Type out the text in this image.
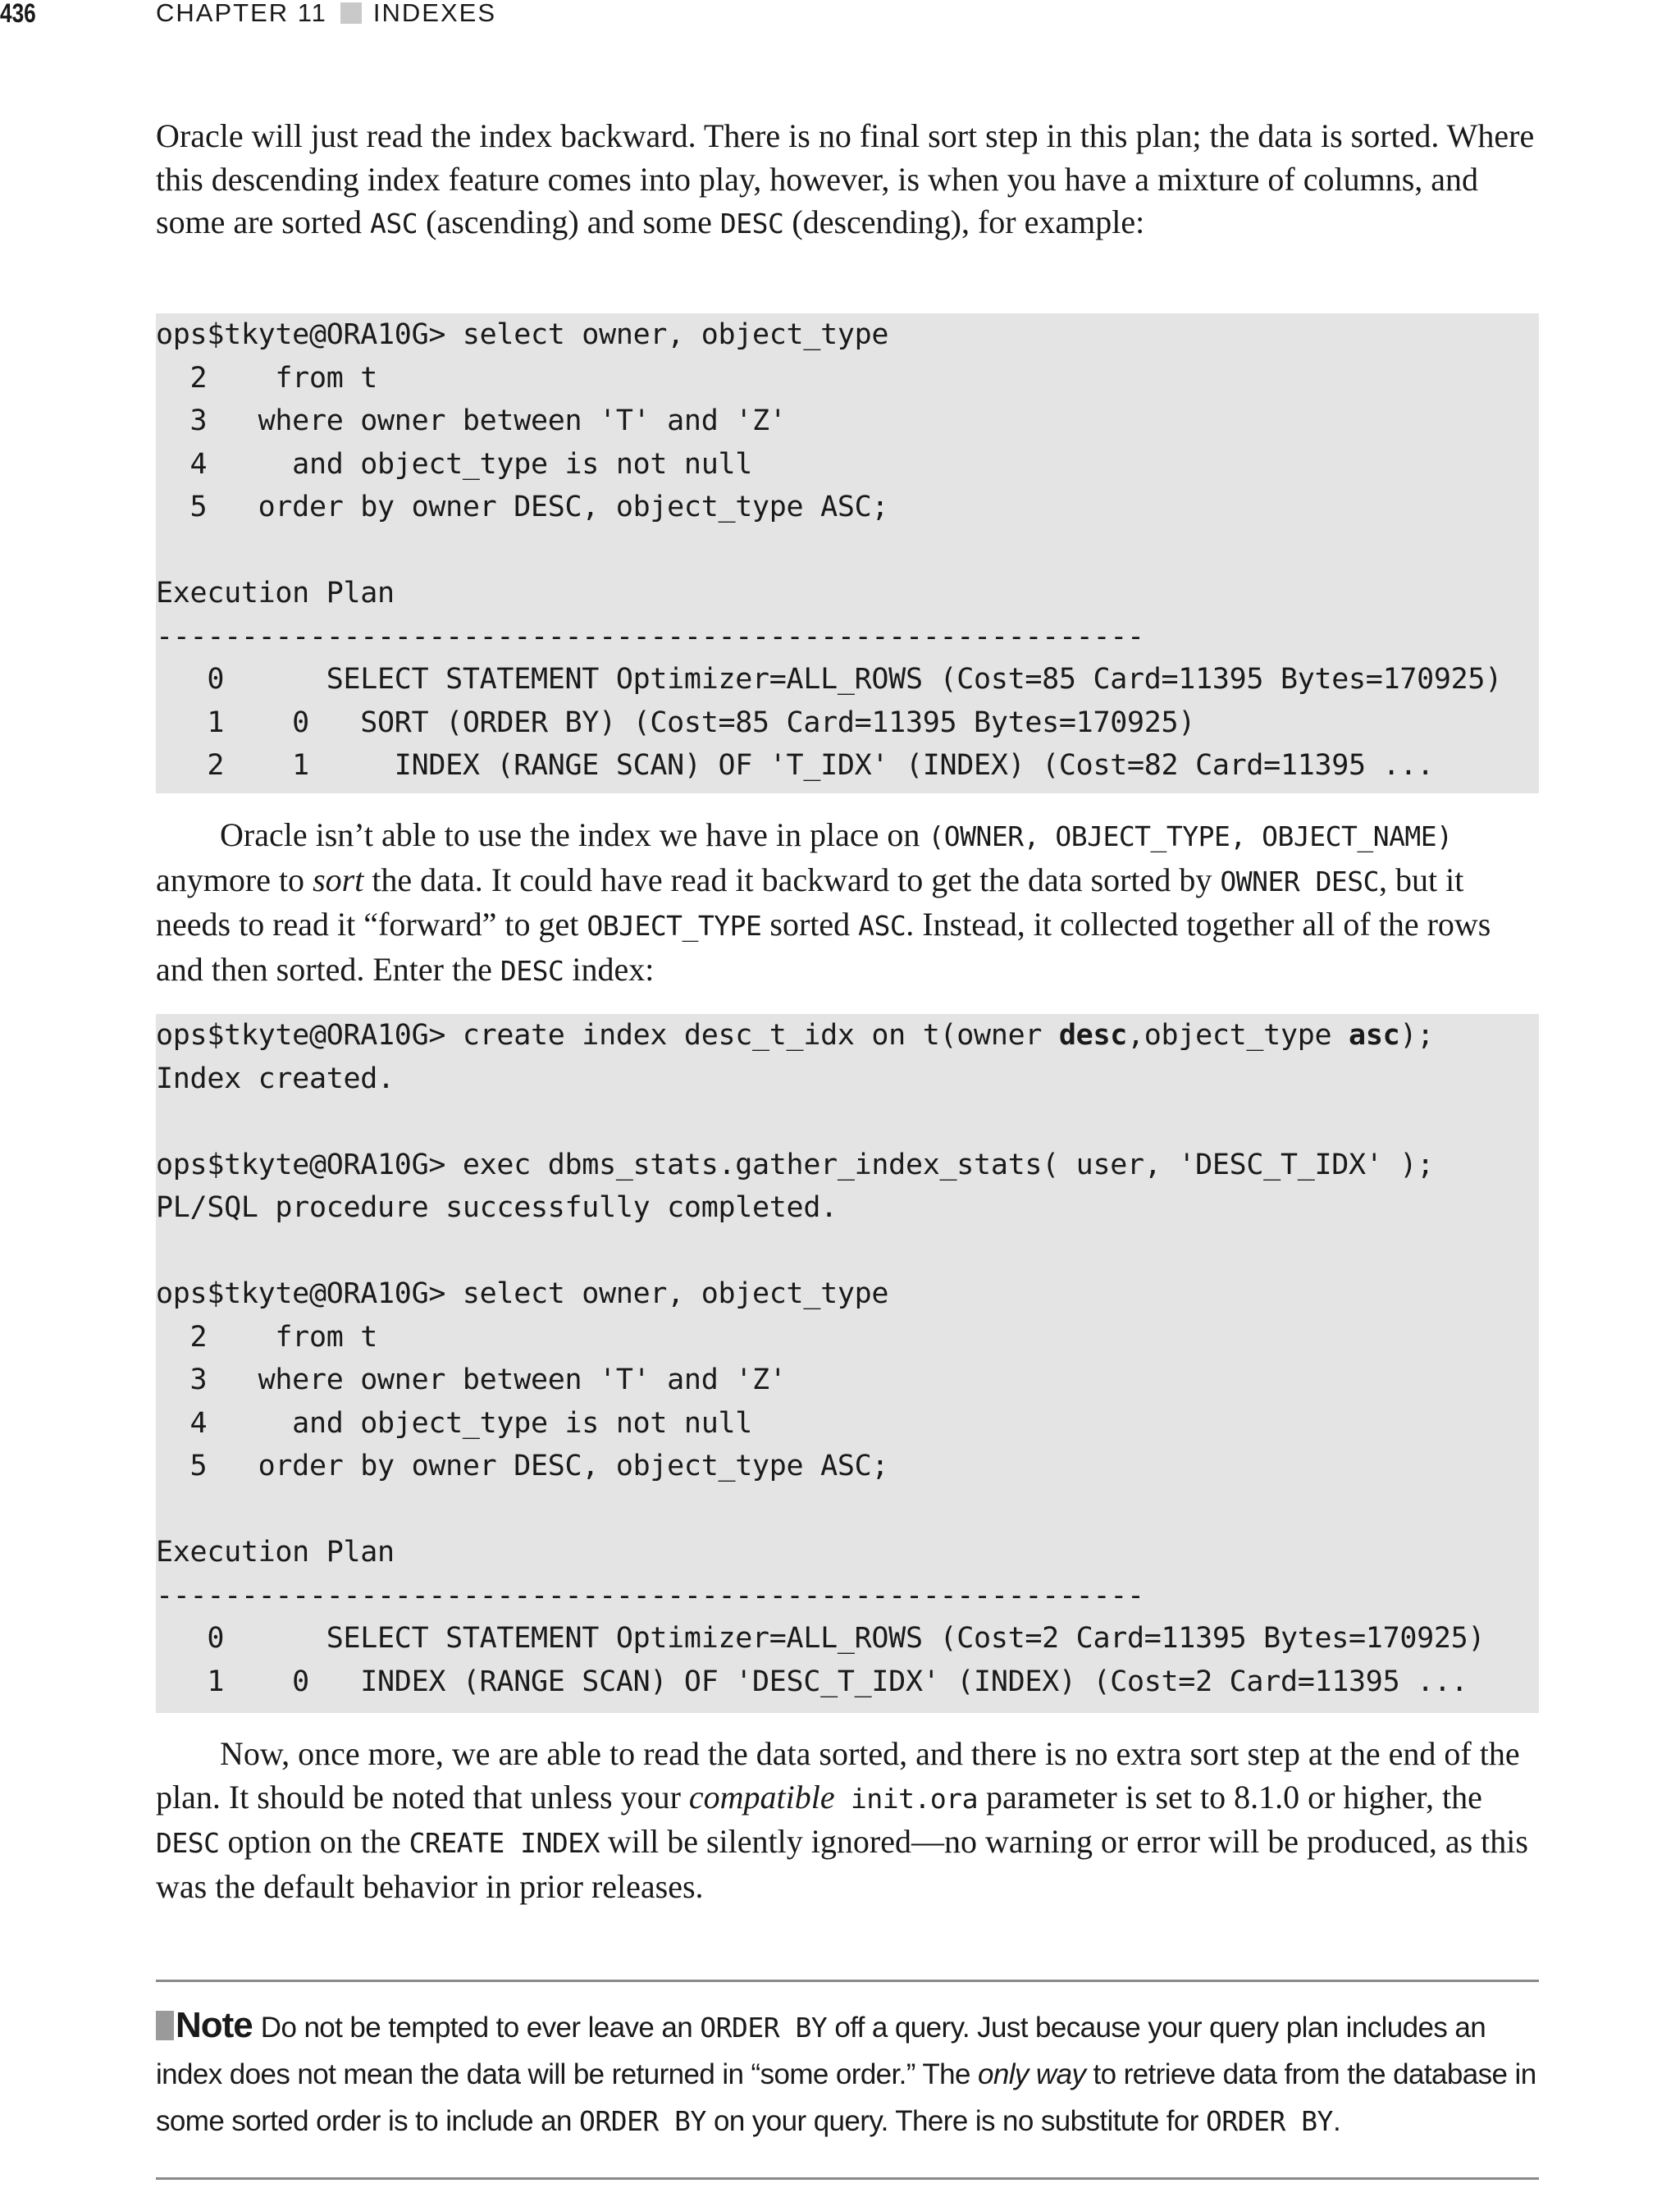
436	CHAPTER 11 INDEXES

Oracle will just read the index backward. There is no final sort step in this plan; the data is sorted. Where this descending index feature comes into play, however, is when you have a mixture of columns, and some are sorted ASC (ascending) and some DESC (descending), for example:

ops$tkyte@ORA10G> select owner, object_type
2    from t
3   where owner between 'T' and 'Z'
4     and object_type is not null
5   order by owner DESC, object_type ASC;

Execution Plan
----------------------------------------------------------
0      SELECT STATEMENT Optimizer=ALL_ROWS (Cost=85 Card=11395 Bytes=170925)
1    0   SORT (ORDER BY) (Cost=85 Card=11395 Bytes=170925)
2    1     INDEX (RANGE SCAN) OF 'T_IDX' (INDEX) (Cost=82 Card=11395 ...

Oracle isn’t able to use the index we have in place on (OWNER, OBJECT_TYPE, OBJECT_NAME) anymore to sort the data. It could have read it backward to get the data sorted by OWNER DESC, but it needs to read it “forward” to get OBJECT_TYPE sorted ASC. Instead, it collected together all of the rows and then sorted. Enter the DESC index:

ops$tkyte@ORA10G> create index desc_t_idx on t(owner desc,object_type asc);
Index created.

ops$tkyte@ORA10G> exec dbms_stats.gather_index_stats( user, 'DESC_T_IDX' );
PL/SQL procedure successfully completed.

ops$tkyte@ORA10G> select owner, object_type
2    from t
3   where owner between 'T' and 'Z'
4     and object_type is not null
5   order by owner DESC, object_type ASC;

Execution Plan
----------------------------------------------------------
0      SELECT STATEMENT Optimizer=ALL_ROWS (Cost=2 Card=11395 Bytes=170925)
1    0   INDEX (RANGE SCAN) OF 'DESC_T_IDX' (INDEX) (Cost=2 Card=11395 ...

Now, once more, we are able to read the data sorted, and there is no extra sort step at the end of the plan. It should be noted that unless your compatible init.ora parameter is set to 8.1.0 or higher, the DESC option on the CREATE INDEX will be silently ignored—no warning or error will be produced, as this was the default behavior in prior releases.

Note Do not be tempted to ever leave an ORDER BY off a query. Just because your query plan includes an index does not mean the data will be returned in “some order.” The only way to retrieve data from the database in some sorted order is to include an ORDER BY on your query. There is no substitute for ORDER BY.
